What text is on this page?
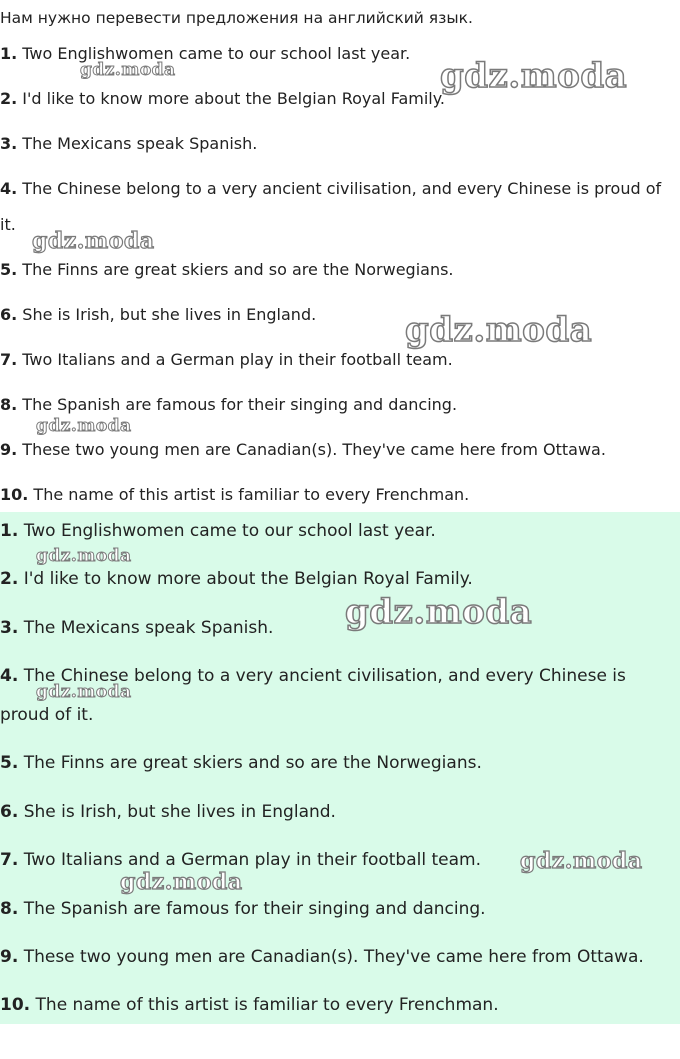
Нам нужно перевести предложения на английский язык.

1. Two Englishwomen came to our school last year.

2. I'd like to know more about the Belgian Royal Family.

3. The Mexicans speak Spanish.

4. The Chinese belong to a very ancient civilisation, and every Chinese is proud of

it.

5. The Finns are great skiers and so are the Norwegians.

6. She is Irish, but she lives in England.

7. Two Italians and a German play in their football team.

8. The Spanish are famous for their singing and dancing.

9. These two young men are Canadian(s). They've came here from Ottawa.

10. The name of this artist is familiar to every Frenchman.

1. Two Englishwomen came to our school last year.

2. I'd like to know more about the Belgian Royal Family.

3. The Mexicans speak Spanish.

4. The Chinese belong to a very ancient civilisation, and every Chinese is

proud of it.

5. The Finns are great skiers and so are the Norwegians.

6. She is Irish, but she lives in England.

7. Two Italians and a German play in their football team.

8. The Spanish are famous for their singing and dancing.

9. These two young men are Canadian(s). They've came here from Ottawa.

10. The name of this artist is familiar to every Frenchman.

gdz.moda	gdz.moda
gdz.moda
gdz.moda
gdz.moda
gdz.moda
gdz.moda
gdz.moda
gdz.moda
gdz.moda
